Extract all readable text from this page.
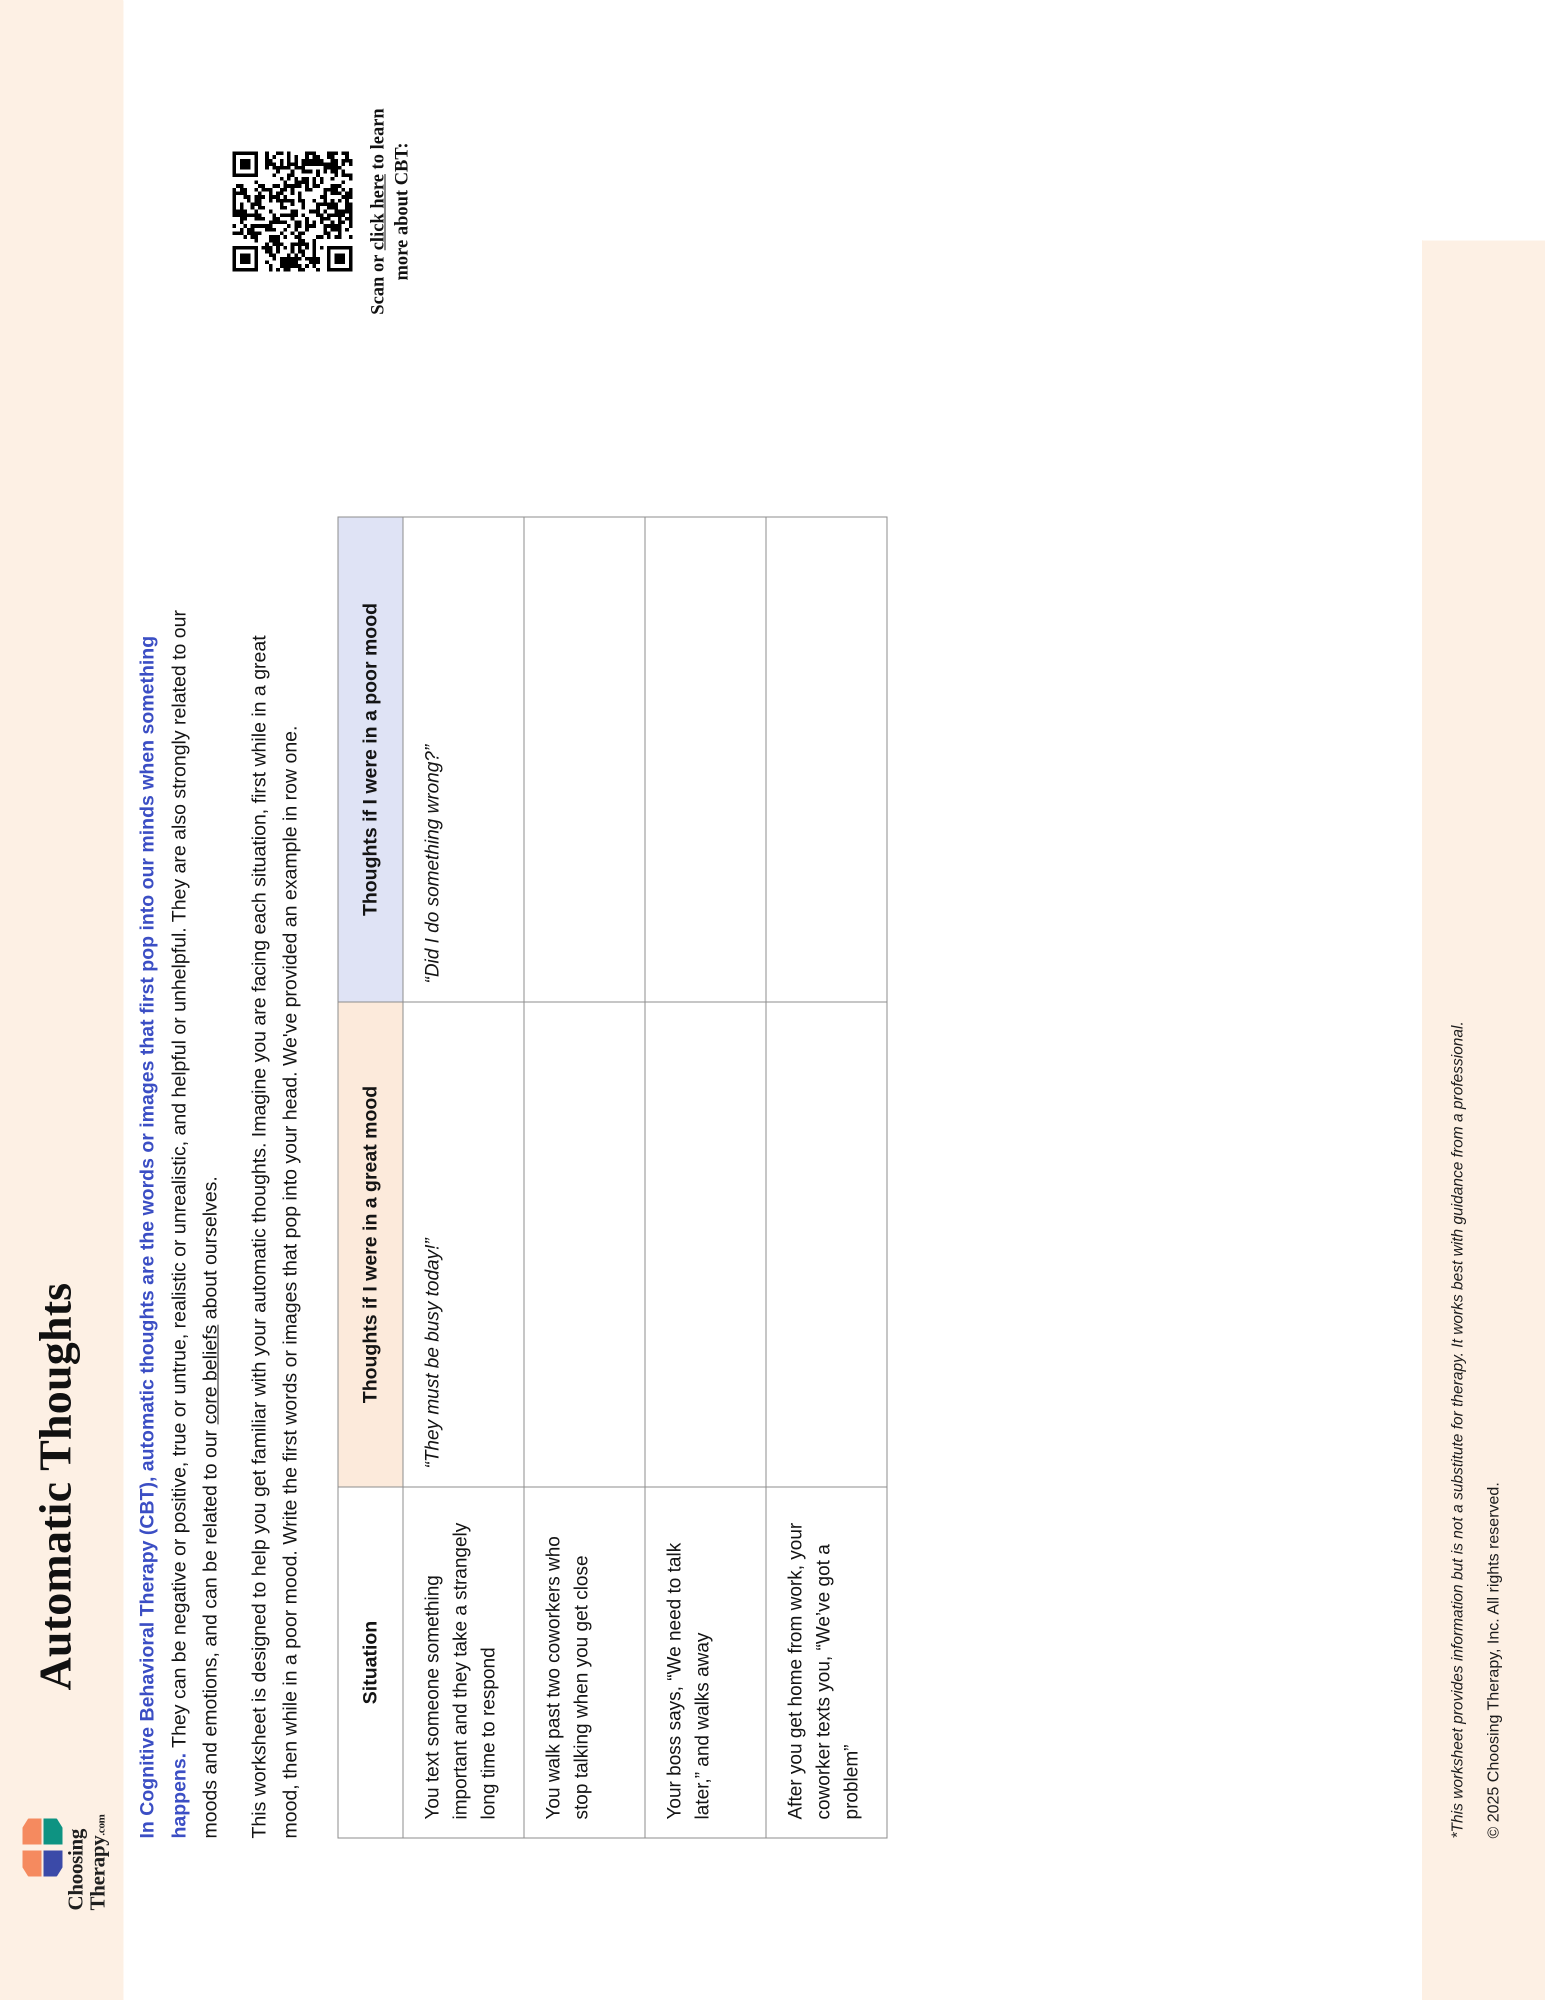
Choosing
Therapy.com
Automatic Thoughts	In Cognitive Behavioral Therapy (CBT), automatic thoughts are the words or images that first pop into our minds when something happens. They can be negative or positive, true or untrue, realistic or unrealistic, and helpful or unhelpful. They are also strongly related to our moods and emotions, and can be related to our core beliefs about ourselves. This worksheet is designed to help you get familiar with your automatic thoughts. Imagine you are facing each situation, first while in a great mood, then while in a poor mood. Write the first words or images that pop into your head. We've provided an example in row one.	Situation	Thoughts if I were in a great mood	Thoughts if I were in a poor mood
You text someone something important and they take a strangely long time to respond	“They must be busy today!”	“Did I do something wrong?”
You walk past two coworkers who stop talking when you get close		
Your boss says, “We need to talk later,” and walks away		
After you get home from work, your coworker texts you, “We’ve got a problem”		
Scan or click here to learn more about CBT:
*This worksheet provides information but is not a substitute for therapy. It works best with guidance from a professional. © 2025 Choosing Therapy, Inc. All rights reserved.
